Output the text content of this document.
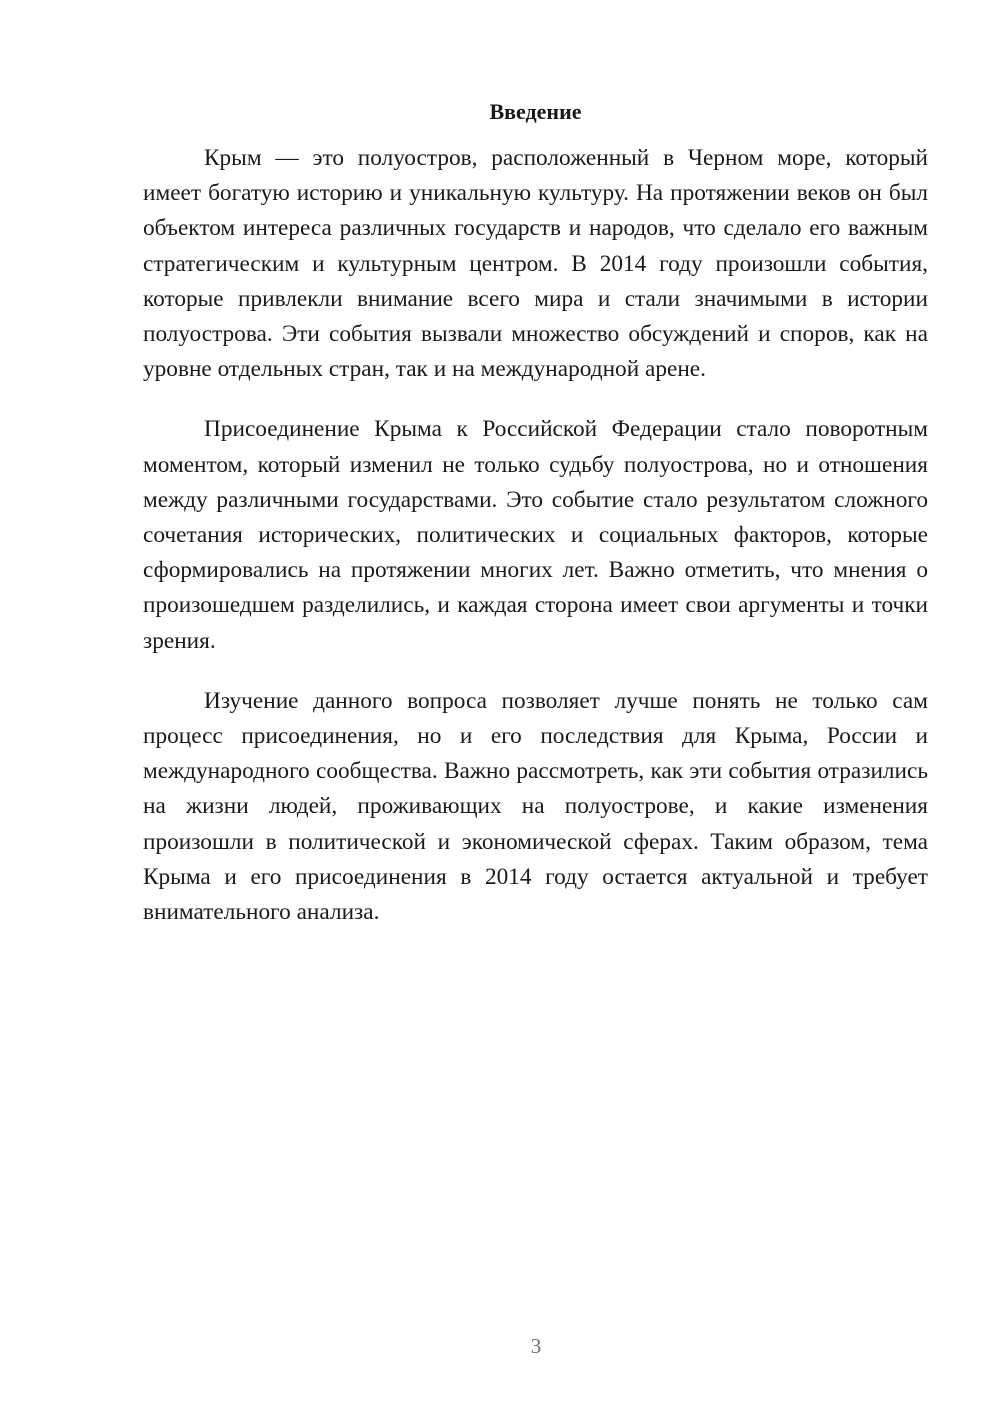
Введение

Крым — это полуостров, расположенный в Черном море, который имеет богатую историю и уникальную культуру. На протяжении веков он был объектом интереса различных государств и народов, что сделало его важным стратегическим и культурным центром. В 2014 году произошли события, которые привлекли внимание всего мира и стали значимыми в истории полуострова. Эти события вызвали множество обсуждений и споров, как на уровне отдельных стран, так и на международной арене.

Присоединение Крыма к Российской Федерации стало поворотным моментом, который изменил не только судьбу полуострова, но и отношения между различными государствами. Это событие стало результатом сложного сочетания исторических, политических и социальных факторов, которые сформировались на протяжении многих лет. Важно отметить, что мнения о произошедшем разделились, и каждая сторона имеет свои аргументы и точки зрения.

Изучение данного вопроса позволяет лучше понять не только сам процесс присоединения, но и его последствия для Крыма, России и международного сообщества. Важно рассмотреть, как эти события отразились на жизни людей, проживающих на полуострове, и какие изменения произошли в политической и экономической сферах. Таким образом, тема Крыма и его присоединения в 2014 году остается актуальной и требует внимательного анализа.

3
